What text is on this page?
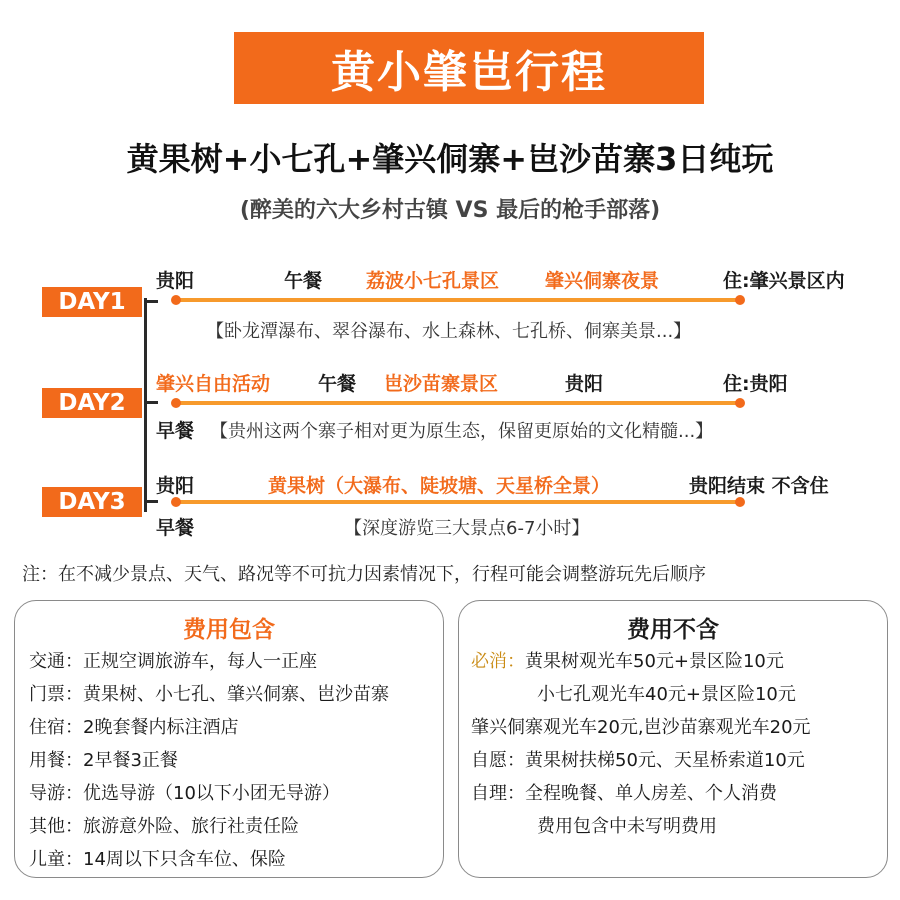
黄小肇岜行程
黄果树+小七孔+肇兴侗寨+岜沙苗寨3日纯玩
(醉美的六大乡村古镇 VS 最后的枪手部落)
DAY1
贵阳	午餐 荔波小七孔景区 肇兴侗寨夜景	住:肇兴景区内
【卧龙潭瀑布、翠谷瀑布、水上森林、七孔桥、侗寨美景...】
DAY2
肇兴自由活动	午餐 岜沙苗寨景区	贵阳	住:贵阳
早餐 【贵州这两个寨子相对更为原生态，保留更原始的文化精髓...】
DAY3
贵阳	黄果树（大瀑布、陡坡塘、天星桥全景）	贵阳结束 不含住
早餐	【深度游览三大景点6-7小时】
注：在不减少景点、天气、路况等不可抗力因素情况下，行程可能会调整游玩先后顺序
费用包含
交通：正规空调旅游车，每人一正座
门票：黄果树、小七孔、肇兴侗寨、岜沙苗寨
住宿：2晚套餐内标注酒店
用餐：2早餐3正餐
导游：优选导游（10以下小团无导游）
其他：旅游意外险、旅行社责任险
儿童：14周以下只含车位、保险
费用不含
必消：黄果树观光车50元+景区险10元
小七孔观光车40元+景区险10元
肇兴侗寨观光车20元,岜沙苗寨观光车20元
自愿：黄果树扶梯50元、天星桥索道10元
自理：全程晚餐、单人房差、个人消费
费用包含中未写明费用
